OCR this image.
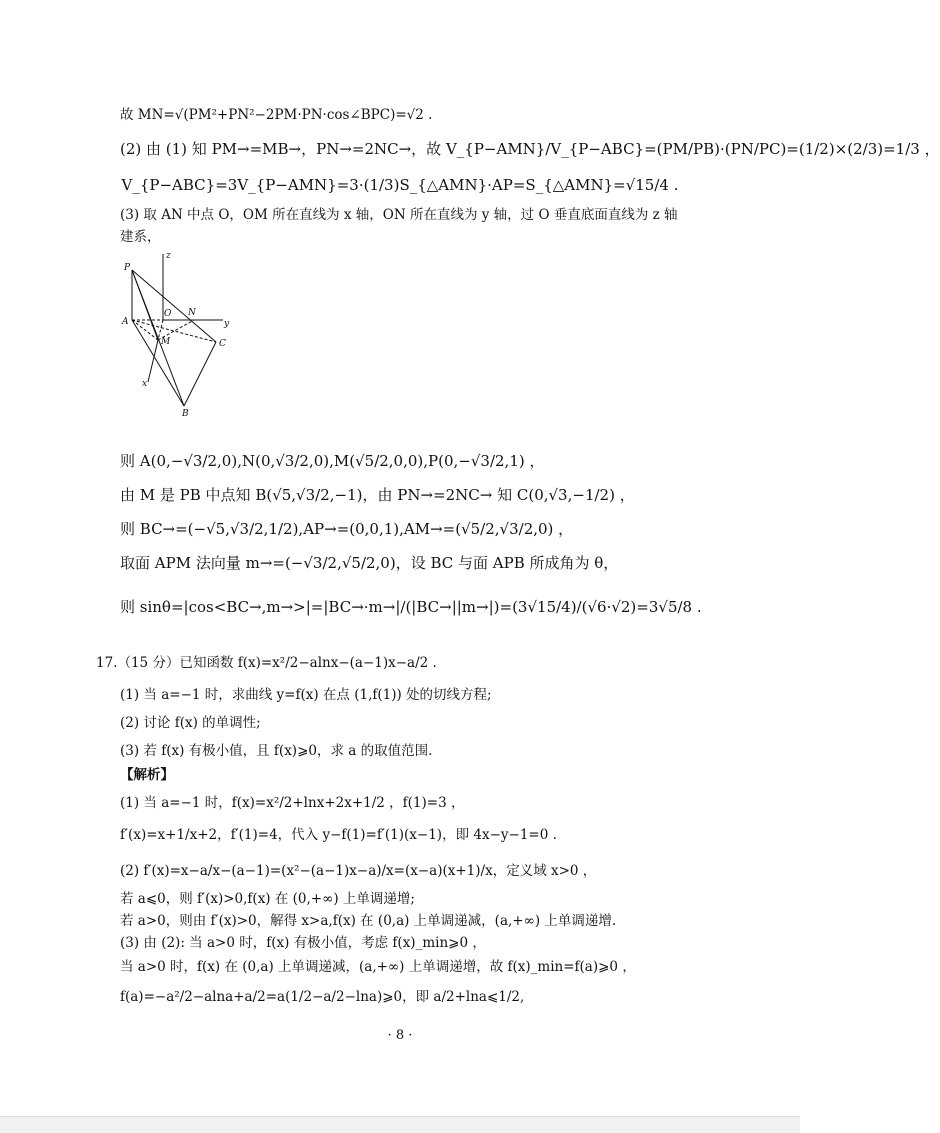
故 MN=√(PM²+PN²−2PM·PN·cos∠BPC)=√2 .
(2) 由 (1) 知 PM→=MB→，PN→=2NC→，故 V_{P−AMN}/V_{P−ABC}=(PM/PB)·(PN/PC)=(1/2)×(2/3)=1/3 ，
V_{P−ABC}=3V_{P−AMN}=3·(1/3)S_{△AMN}·AP=S_{△AMN}=√15/4 .
(3) 取 AN 中点 O，OM 所在直线为 x 轴，ON 所在直线为 y 轴，过 O 垂直底面直线为 z 轴
建系，
z
P
A
O N
y
M	C
x
B
则 A(0,−√3/2,0),N(0,√3/2,0),M(√5/2,0,0),P(0,−√3/2,1) ，
由 M 是 PB 中点知 B(√5,√3/2,−1)，由 PN→=2NC→ 知 C(0,√3,−1/2) ，
则 BC→=(−√5,√3/2,1/2),AP→=(0,0,1),AM→=(√5/2,√3/2,0) ，
取面 APM 法向量 m→=(−√3/2,√5/2,0)，设 BC 与面 APB 所成角为 θ，
则 sinθ=|cos<BC→,m→>|=|BC→·m→|/(|BC→||m→|)=(3√15/4)/(√6·√2)=3√5/8 .
17.（15 分）已知函数 f(x)=x²/2−alnx−(a−1)x−a/2 .
(1) 当 a=−1 时，求曲线 y=f(x) 在点 (1,f(1)) 处的切线方程;
(2) 讨论 f(x) 的单调性;
(3) 若 f(x) 有极小值，且 f(x)⩾0，求 a 的取值范围.
【解析】
(1) 当 a=−1 时，f(x)=x²/2+lnx+2x+1/2 ，f(1)=3 ，
f′(x)=x+1/x+2，f′(1)=4，代入 y−f(1)=f′(1)(x−1)，即 4x−y−1=0 .
(2) f′(x)=x−a/x−(a−1)=(x²−(a−1)x−a)/x=(x−a)(x+1)/x，定义域 x>0 ，
若 a⩽0，则 f′(x)>0,f(x) 在 (0,+∞) 上单调递增;
若 a>0，则由 f′(x)>0，解得 x>a,f(x) 在 (0,a) 上单调递减，(a,+∞) 上单调递增.
(3) 由 (2): 当 a>0 时，f(x) 有极小值，考虑 f(x)_min⩾0 ，
当 a>0 时，f(x) 在 (0,a) 上单调递减，(a,+∞) 上单调递增，故 f(x)_min=f(a)⩾0 ，
f(a)=−a²/2−alna+a/2=a(1/2−a/2−lna)⩾0，即 a/2+lna⩽1/2,
· 8 ·
